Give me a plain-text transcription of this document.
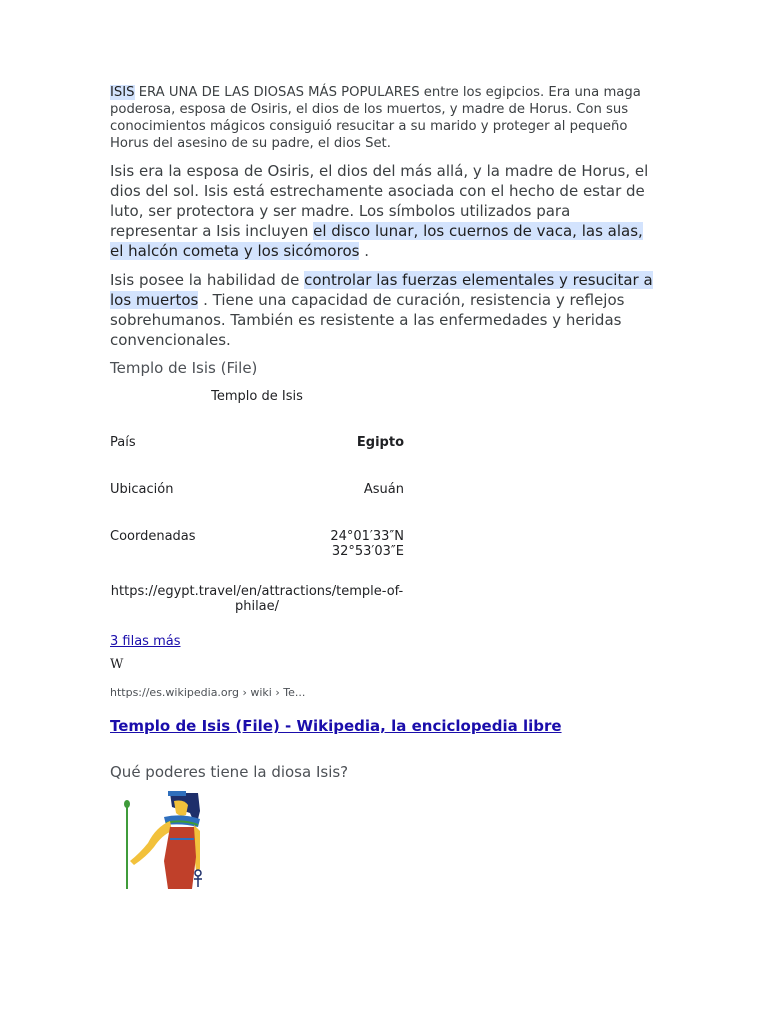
ISIS ERA UNA DE LAS DIOSAS MÁS POPULARES entre los egipcios. Era una maga poderosa, esposa de Osiris, el dios de los muertos, y madre de Horus. Con sus conocimientos mágicos consiguió resucitar a su marido y proteger al pequeño Horus del asesino de su padre, el dios Set.

Isis era la esposa de Osiris, el dios del más allá, y la madre de Horus, el dios del sol. Isis está estrechamente asociada con el hecho de estar de luto, ser protectora y ser madre. Los símbolos utilizados para representar a Isis incluyen el disco lunar, los cuernos de vaca, las alas, el halcón cometa y los sicómoros .

Isis posee la habilidad de controlar las fuerzas elementales y resucitar a los muertos . Tiene una capacidad de curación, resistencia y reflejos sobrehumanos. También es resistente a las enfermedades y heridas convencionales.

Templo de Isis (File)
Templo de Isis
País	Egipto
Ubicación	Asuán
Coordenadas	24°01′33″N
32°53′03″E
https://egypt.travel/en/attractions/temple-of-philae/
3 filas más
W
https://es.wikipedia.org › wiki › Te...
Templo de Isis (File) - Wikipedia, la enciclopedia libre
Qué poderes tiene la diosa Isis?
